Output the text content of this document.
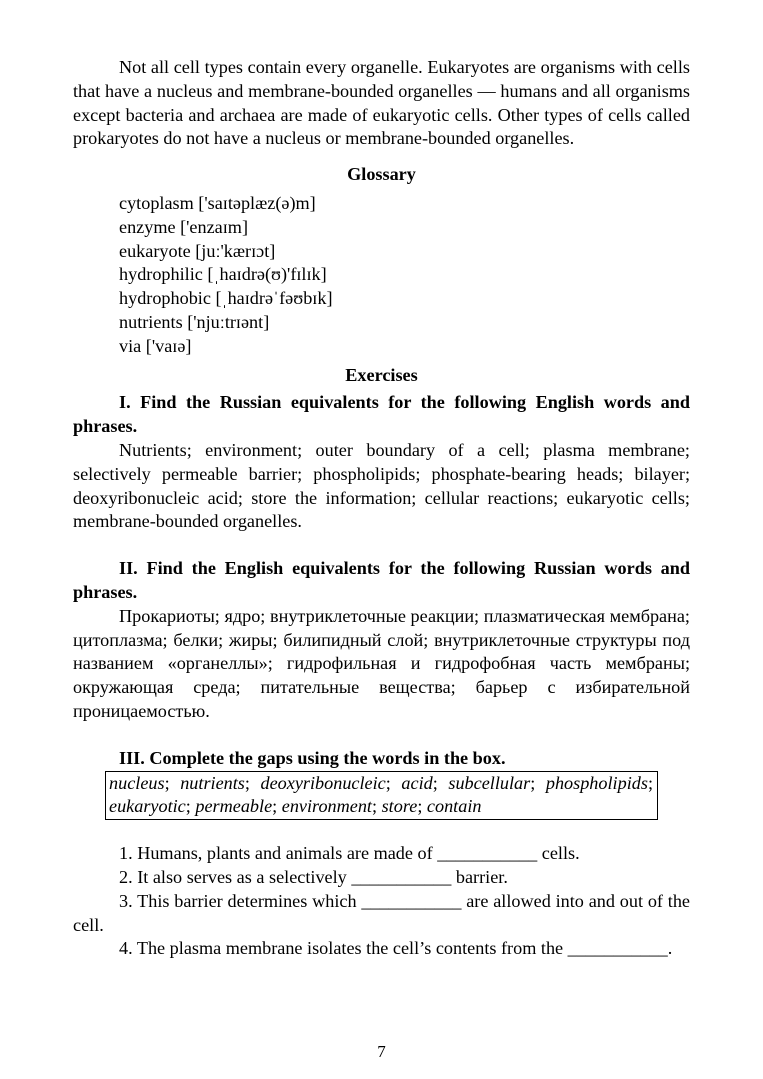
Not all cell types contain every organelle. Eukaryotes are organisms with cells that have a nucleus and membrane-bounded organelles — humans and all organisms except bacteria and archaea are made of eukaryotic cells. Other types of cells called prokaryotes do not have a nucleus or membrane-bounded organelles.

Glossary

cytoplasm ['saɪtəplæz(ə)m]
enzyme ['enzaɪm]
eukaryote [juː'kærɪɔt]
hydrophilic [ˌhaɪdrə(ʊ)'fɪlɪk]
hydrophobic [ˌhaɪdrəˈfəʊbɪk]
nutrients ['njuːtrɪənt]
via ['vaɪə]

Exercises

I. Find the Russian equivalents for the following English words and phrases.

Nutrients; environment; outer boundary of a cell; plasma membrane; selectively permeable barrier; phospholipids; phosphate-bearing heads; bilayer; deoxyribonucleic acid; store the information; cellular reactions; eukaryotic cells; membrane-bounded organelles.

II. Find the English equivalents for the following Russian words and phrases.

Прокариоты; ядро; внутриклеточные реакции; плазматическая мембрана; цитоплазма; белки; жиры; билипидный слой; внутриклеточные структуры под названием «органеллы»; гидрофильная и гидрофобная часть мембраны; окружающая среда; питательные вещества; барьер с избирательной проницаемостью.

III. Complete the gaps using the words in the box.

nucleus; nutrients; deoxyribonucleic; acid; subcellular; phospholipids; eukaryotic; permeable; environment; store; contain

1. Humans, plants and animals are made of ___________ cells.

2. It also serves as a selectively ___________ barrier.

3. This barrier determines which ___________ are allowed into and out of the cell.

4. The plasma membrane isolates the cell’s contents from the ___________.

7
